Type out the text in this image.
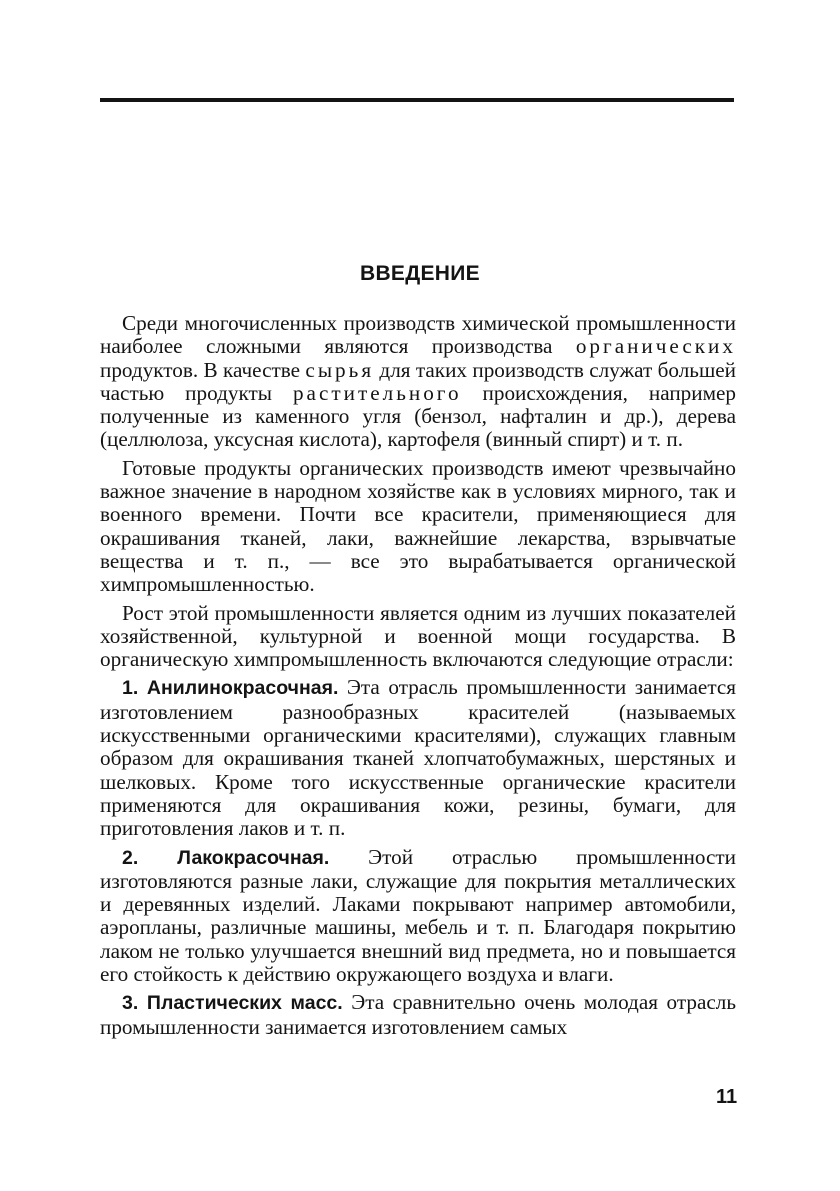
ВВЕДЕНИЕ

Среди многочисленных производств химической промышленности наиболее сложными являются производства органических продуктов. В качестве сырья для таких производств служат большей частью продукты растительного происхождения, например полученные из каменного угля (бензол, нафталин и др.), дерева (целлюлоза, уксусная кислота), картофеля (винный спирт) и т. п.

Готовые продукты органических производств имеют чрезвычайно важное значение в народном хозяйстве как в условиях мирного, так и военного времени. Почти все красители, применяющиеся для окрашивания тканей, лаки, важнейшие лекарства, взрывчатые вещества и т. п., — все это вырабатывается органической химпромышленностью.

Рост этой промышленности является одним из лучших показателей хозяйственной, культурной и военной мощи государства. В органическую химпромышленность включаются следующие отрасли:

1. Анилинокрасочная. Эта отрасль промышленности занимается изготовлением разнообразных красителей (называемых искусственными органическими красителями), служащих главным образом для окрашивания тканей хлопчатобумажных, шерстяных и шелковых. Кроме того искусственные органические красители применяются для окрашивания кожи, резины, бумаги, для приготовления лаков и т. п.

2. Лакокрасочная. Этой отраслью промышленности изготовляются разные лаки, служащие для покрытия металлических и деревянных изделий. Лаками покрывают например автомобили, аэропланы, различные машины, мебель и т. п. Благодаря покрытию лаком не только улучшается внешний вид предмета, но и повышается его стойкость к действию окружающего воздуха и влаги.

3. Пластических масс. Эта сравнительно очень молодая отрасль промышленности занимается изготовлением самых

11
